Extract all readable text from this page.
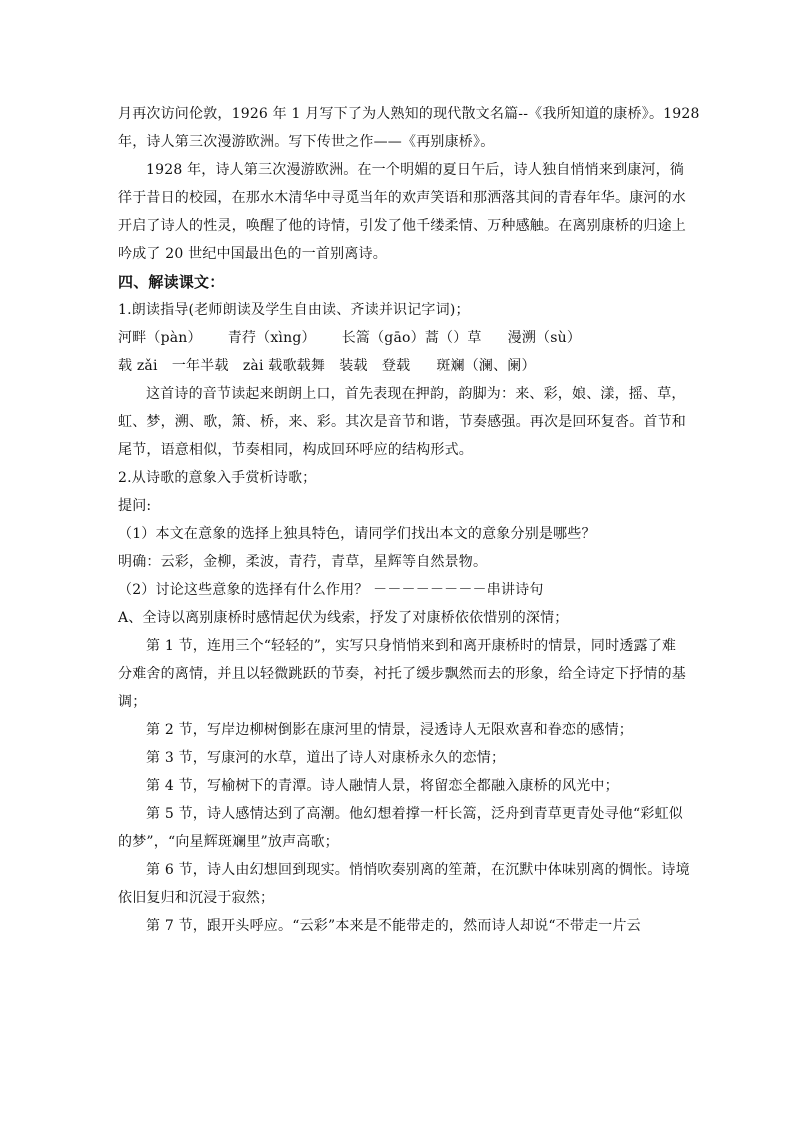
月再次访问伦敦，1926 年 1 月写下了为人熟知的现代散文名篇--《我所知道的康桥》。1928
年，诗人第三次漫游欧洲。写下传世之作——《再别康桥》。
1928 年，诗人第三次漫游欧洲。在一个明媚的夏日午后，诗人独自悄悄来到康河，徜
徉于昔日的校园，在那水木清华中寻觅当年的欢声笑语和那洒落其间的青春年华。康河的水
开启了诗人的性灵，唤醒了他的诗情，引发了他千缕柔情、万种感触。在离别康桥的归途上
吟成了 20 世纪中国最出色的一首别离诗。
四、解读课文：
1.朗读指导(老师朗读及学生自由读、齐读并识记字词)；
河畔（pàn） 青荇（xìng） 长篙（gāo）蒿（）草 漫溯（sù）
载 zǎi　一年半载　zài 载歌载舞　装载　登载 斑斓（澜、阑）
这首诗的音节读起来朗朗上口，首先表现在押韵，韵脚为：来、彩，娘、漾，摇、草，
虹、梦，溯、歌，箫、桥，来、彩。其次是音节和谐，节奏感强。再次是回环复沓。首节和
尾节，语意相似，节奏相同，构成回环呼应的结构形式。
2.从诗歌的意象入手赏析诗歌；
提问:
（1）本文在意象的选择上独具特色，请同学们找出本文的意象分别是哪些？
明确：云彩，金柳，柔波，青荇，青草，星辉等自然景物。
（2）讨论这些意象的选择有什么作用？ －－－－－－－－串讲诗句
A、全诗以离别康桥时感情起伏为线索，抒发了对康桥依依惜别的深情；
第 1 节，连用三个“轻轻的”，实写只身悄悄来到和离开康桥时的情景，同时透露了难
分难舍的离情，并且以轻微跳跃的节奏，衬托了缓步飘然而去的形象，给全诗定下抒情的基
调；
第 2 节，写岸边柳树倒影在康河里的情景，浸透诗人无限欢喜和眷恋的感情；
第 3 节，写康河的水草，道出了诗人对康桥永久的恋情；
第 4 节，写榆树下的青潭。诗人融情人景，将留恋全都融入康桥的风光中；
第 5 节，诗人感情达到了高潮。他幻想着撑一杆长篙，泛舟到青草更青处寻他“彩虹似
的梦”，“向星辉斑斓里”放声高歌；
第 6 节，诗人由幻想回到现实。悄悄吹奏别离的笙萧，在沉默中体味别离的惆怅。诗境
依旧复归和沉浸于寂然；
第 7 节，跟开头呼应。“云彩”本来是不能带走的，然而诗人却说“不带走一片云
